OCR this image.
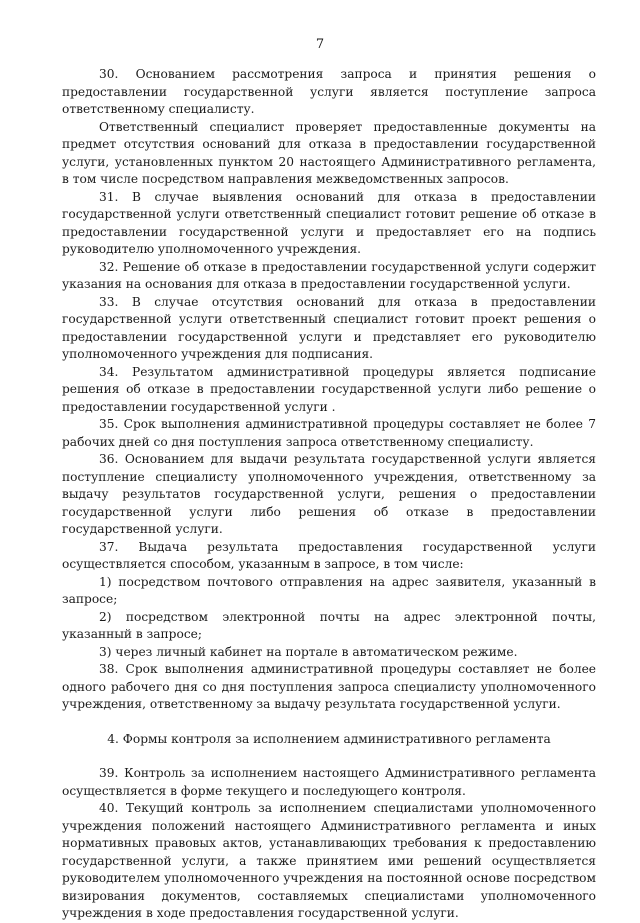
7

30. Основанием рассмотрения запроса и принятия решения о предоставлении государственной услуги является поступление запроса ответственному специалисту.

Ответственный специалист проверяет предоставленные документы на предмет отсутствия оснований для отказа в предоставлении государственной услуги, установленных пунктом 20 настоящего Административного регламента, в том числе посредством направления межведомственных запросов.

31. В случае выявления оснований для отказа в предоставлении государственной услуги ответственный специалист готовит решение об отказе в предоставлении государственной услуги и предоставляет его на подпись руководителю уполномоченного учреждения.

32. Решение об отказе в предоставлении государственной услуги содержит указания на основания для отказа в предоставлении государственной услуги.

33. В случае отсутствия оснований для отказа в предоставлении государственной услуги ответственный специалист готовит проект решения о предоставлении государственной услуги и представляет его руководителю уполномоченного учреждения для подписания.

34. Результатом административной процедуры является подписание решения об отказе в предоставлении государственной услуги либо решение о предоставлении государственной услуги .

35. Срок выполнения административной процедуры составляет не более 7 рабочих дней со дня поступления запроса ответственному специалисту.

36. Основанием для выдачи результата государственной услуги является поступление специалисту уполномоченного учреждения, ответственному за выдачу результатов государственной услуги, решения о предоставлении государственной услуги либо решения об отказе в предоставлении государственной услуги.

37. Выдача результата предоставления государственной услуги осуществляется способом, указанным в запросе, в том числе:

1) посредством почтового отправления на адрес заявителя, указанный в запросе;

2) посредством электронной почты на адрес электронной почты, указанный в запросе;

3) через личный кабинет на портале в автоматическом режиме.

38. Срок выполнения административной процедуры составляет не более одного рабочего дня со дня поступления запроса специалисту уполномоченного учреждения, ответственному за выдачу результата государственной услуги.

4. Формы контроля за исполнением административного регламента

39. Контроль за исполнением настоящего Административного регламента осуществляется в форме текущего и последующего контроля.

40. Текущий контроль за исполнением специалистами уполномоченного учреждения положений настоящего Административного регламента и иных нормативных правовых актов, устанавливающих требования к предоставлению государственной услуги, а также принятием ими решений осуществляется руководителем уполномоченного учреждения на постоянной основе посредством визирования документов, составляемых специалистами уполномоченного учреждения в ходе предоставления государственной услуги.
